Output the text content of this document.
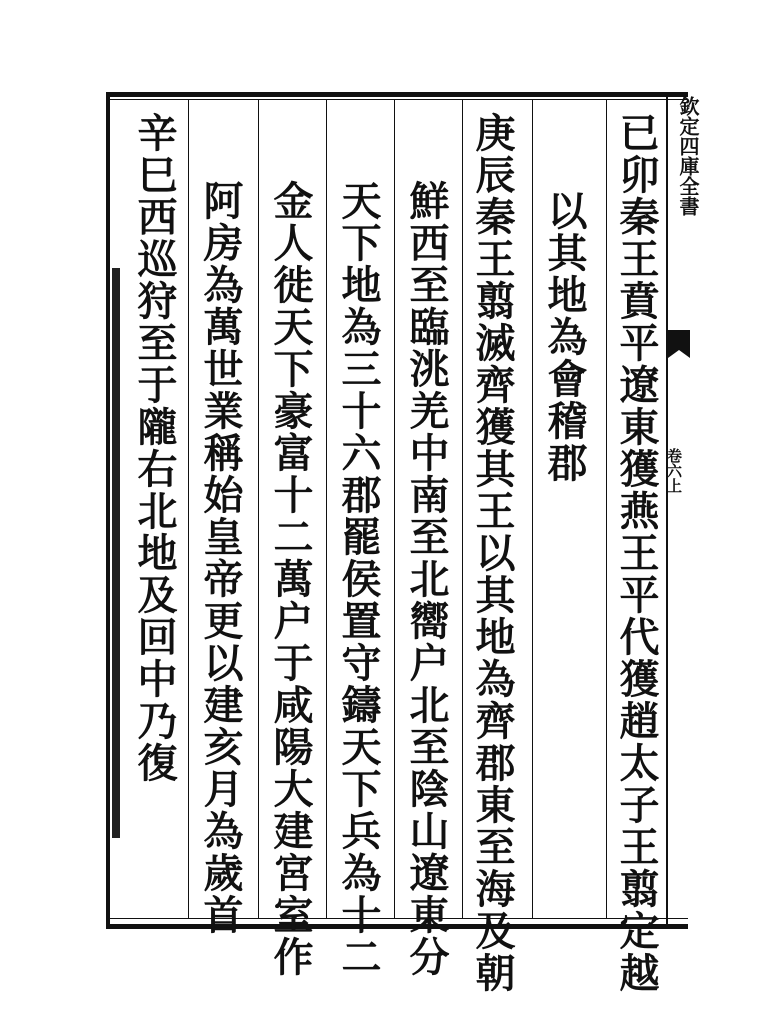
欽定四庫全書
卷六上
已卯秦王賁平遼東獲燕王平代獲趙太子王翦定越
以其地為會稽郡
庚辰秦王翦滅齊獲其王以其地為齊郡東至海及朝
鮮西至臨洮羌中南至北嚮户北至陰山遼東分
天下地為三十六郡罷侯置守鑄天下兵為十二
金人徙天下豪富十二萬户于咸陽大建宮室作
阿房為萬世業稱始皇帝更以建亥月為歲首
辛巳西巡狩至于隴右北地及回中乃復
